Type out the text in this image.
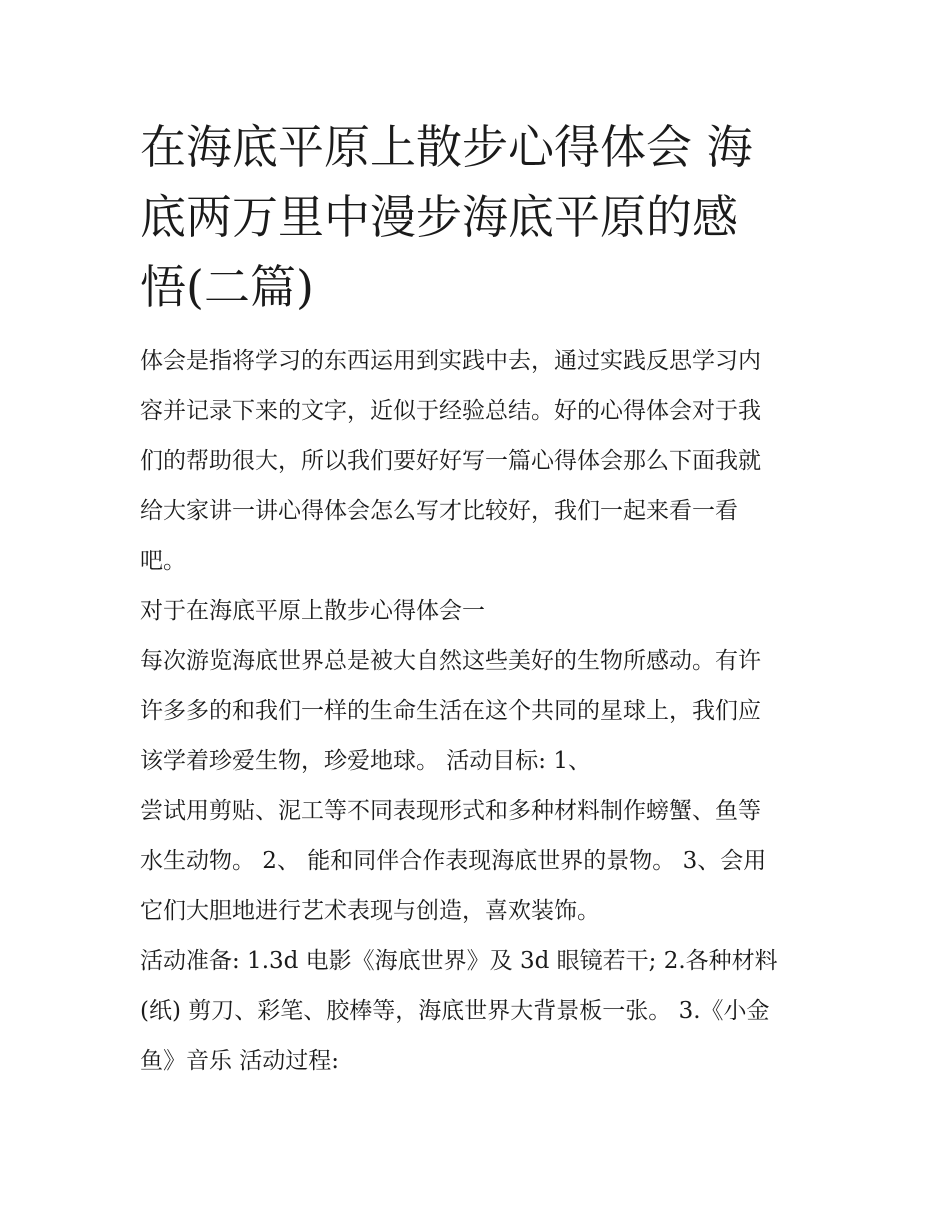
在海底平原上散步心得体会 海
底两万里中漫步海底平原的感
悟(二篇)

体会是指将学习的东西运用到实践中去，通过实践反思学习内
容并记录下来的文字，近似于经验总结。好的心得体会对于我
们的帮助很大，所以我们要好好写一篇心得体会那么下面我就
给大家讲一讲心得体会怎么写才比较好，我们一起来看一看
吧。

对于在海底平原上散步心得体会一

每次游览海底世界总是被大自然这些美好的生物所感动。有许
许多多的和我们一样的生命生活在这个共同的星球上，我们应
该学着珍爱生物，珍爱地球。 活动目标: 1、

尝试用剪贴、泥工等不同表现形式和多种材料制作螃蟹、鱼等
水生动物。 2、 能和同伴合作表现海底世界的景物。 3、会用
它们大胆地进行艺术表现与创造，喜欢装饰。

活动准备: 1.3d 电影《海底世界》及 3d 眼镜若干; 2.各种材料
(纸) 剪刀、彩笔、胶棒等，海底世界大背景板一张。 3.《小金
鱼》音乐 活动过程:
